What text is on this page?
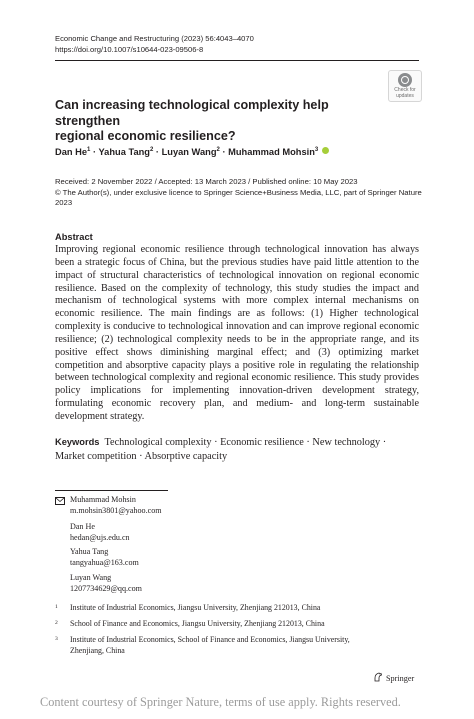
Economic Change and Restructuring (2023) 56:4043–4070
https://doi.org/10.1007/s10644-023-09506-8
Check for
updates
Can increasing technological complexity help strengthen
regional economic resilience?
Dan $He^1$ · Yahua Tang$^2$ · Luyan Wang$^2$ · Muhammad Mohsin$^3$
Received: 2 November 2022 / Accepted: 13 March 2023 / Published online: 10 May 2023
© The Author(s), under exclusive licence to Springer Science+Business Media, LLC, part of Springer Nature
2023
Abstract
Improving regional economic resilience through technological innovation has always been a strategic focus of China, but the previous studies have paid little attention to the impact of structural characteristics of technological innovation on regional economic resilience. Based on the complexity of technology, this study studies the impact and mechanism of technological systems with more complex internal mechanisms on economic resilience. The main findings are as follows: (1) Higher technological complexity is conducive to technological innovation and can improve regional economic resilience; (2) technological complexity needs to be in the appropriate range, and its positive effect shows diminishing marginal effect; and (3) optimizing market competition and absorptive capacity plays a positive role in regulating the relationship between technological complexity and regional economic resilience. This study provides policy implications for implementing innovation-driven development strategy, formulating economic recovery plan, and medium- and long-term sustainable development strategy.
Keywords Technological complexity · Economic resilience · New technology ·
Market competition · Absorptive capacity
Muhammad Mohsin
m.mohsin3801@yahoo.com
Dan He
hedan@ujs.edu.cn
Yahua Tang
tangyahua@163.com
Luyan Wang
1207734629@qq.com
1 Institute of Industrial Economics, Jiangsu University, Zhenjiang 212013, China
2 School of Finance and Economics, Jiangsu University, Zhenjiang 212013, China
3 Institute of Industrial Economics, School of Finance and Economics, Jiangsu University,
Zhenjiang, China
Springer
Content courtesy of Springer Nature, terms of use apply. Rights reserved.
